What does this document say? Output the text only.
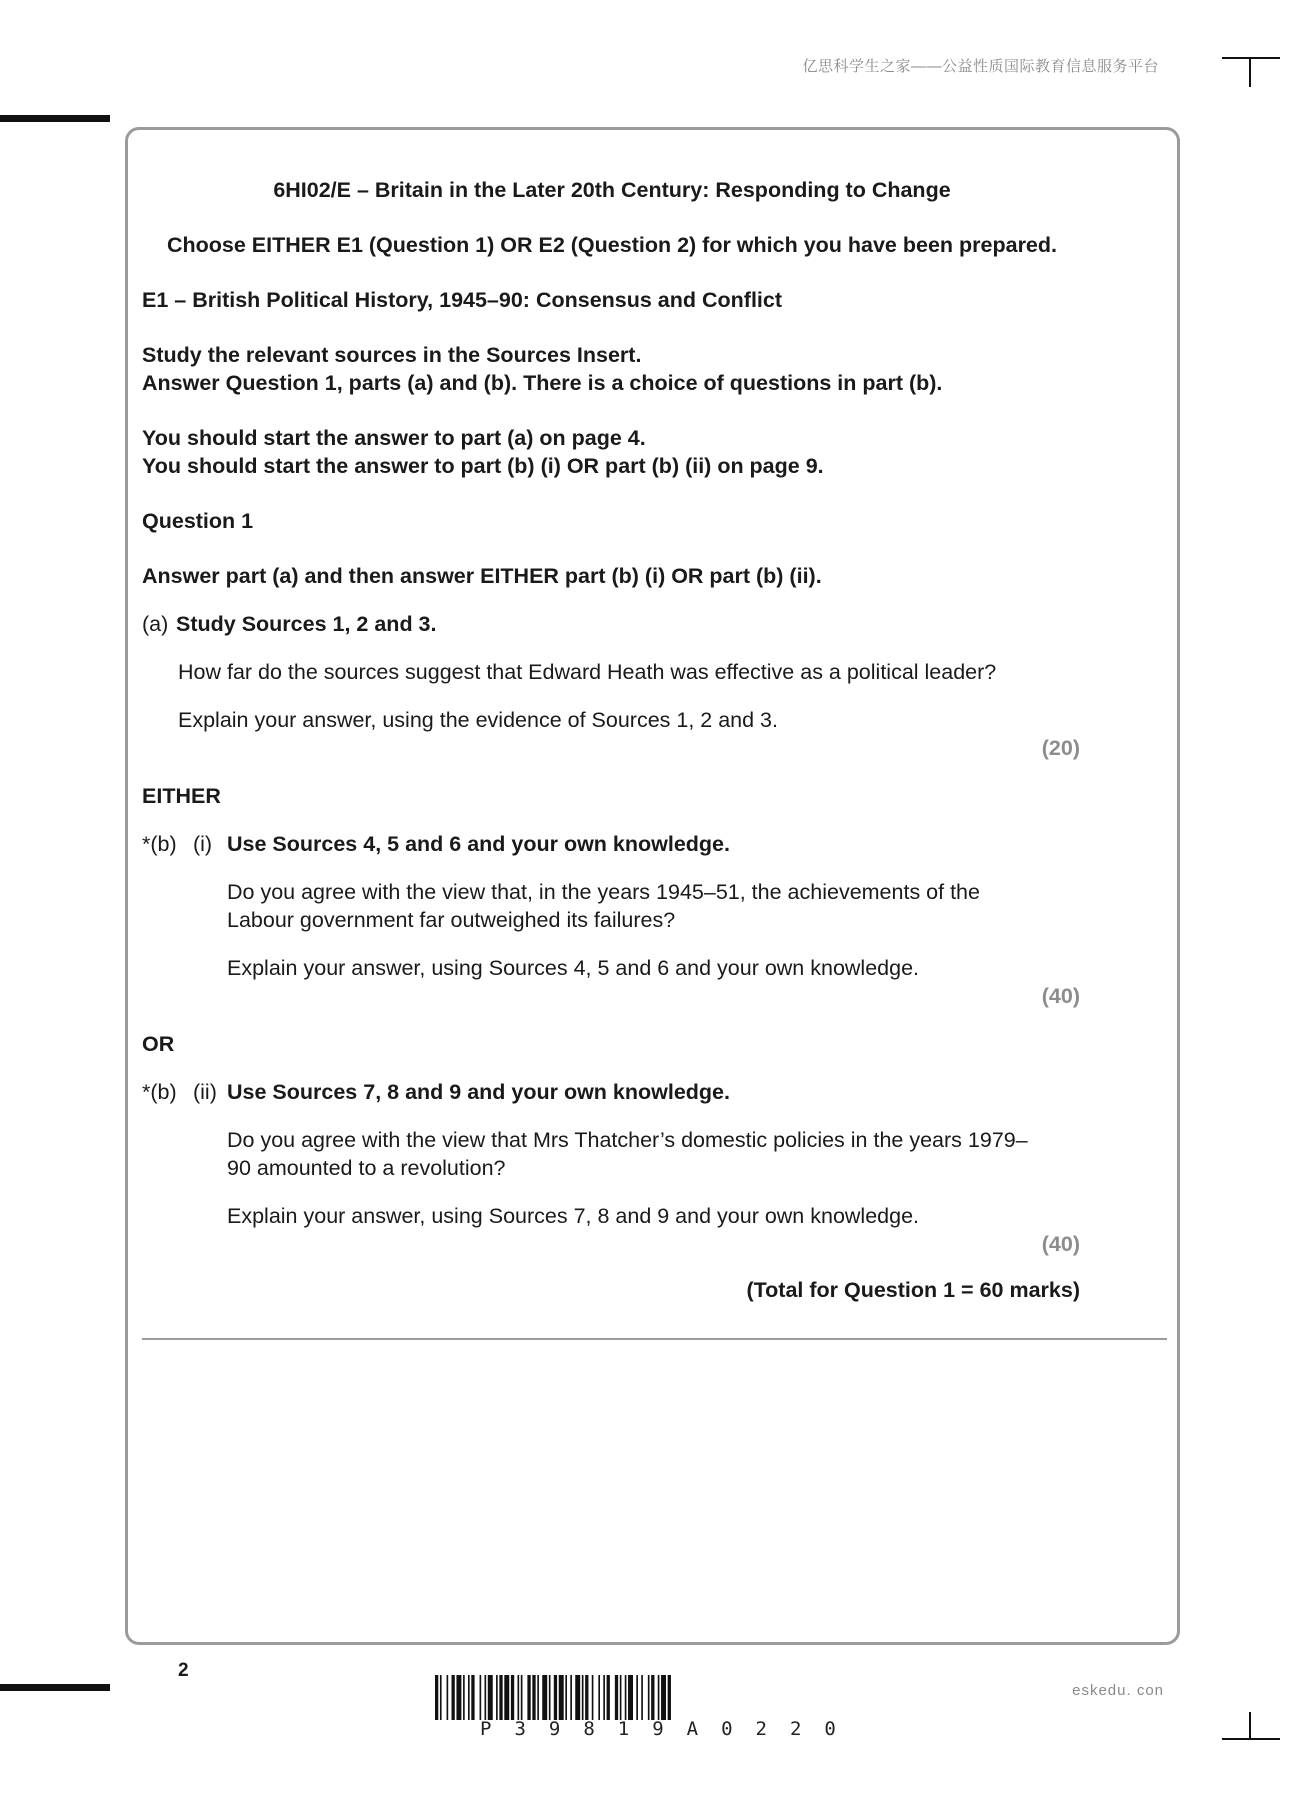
亿思科学生之家——公益性质国际教育信息服务平台
eskedu. con

6HI02/E – Britain in the Later 20th Century: Responding to Change

Choose EITHER E1 (Question 1) OR E2 (Question 2) for which you have been prepared.

E1 – British Political History, 1945–90: Consensus and Conflict

Study the relevant sources in the Sources Insert.

Answer Question 1, parts (a) and (b). There is a choice of questions in part (b).

You should start the answer to part (a) on page 4.

You should start the answer to part (b) (i) OR part (b) (ii) on page 9.

Question 1

Answer part (a) and then answer EITHER part (b) (i) OR part (b) (ii).

(a) Study Sources 1, 2 and 3.

How far do the sources suggest that Edward Heath was effective as a political leader?

Explain your answer, using the evidence of Sources 1, 2 and 3.

(20)

EITHER

*(b) (i) Use Sources 4, 5 and 6 and your own knowledge.

Do you agree with the view that, in the years 1945–51, the achievements of the Labour government far outweighed its failures?

Explain your answer, using Sources 4, 5 and 6 and your own knowledge.

(40)

OR

*(b) (ii) Use Sources 7, 8 and 9 and your own knowledge.

Do you agree with the view that Mrs Thatcher’s domestic policies in the years 1979–90 amounted to a revolution?

Explain your answer, using Sources 7, 8 and 9 and your own knowledge.

(40)
(Total for Question 1 = 60 marks)
2
P39819A0220
